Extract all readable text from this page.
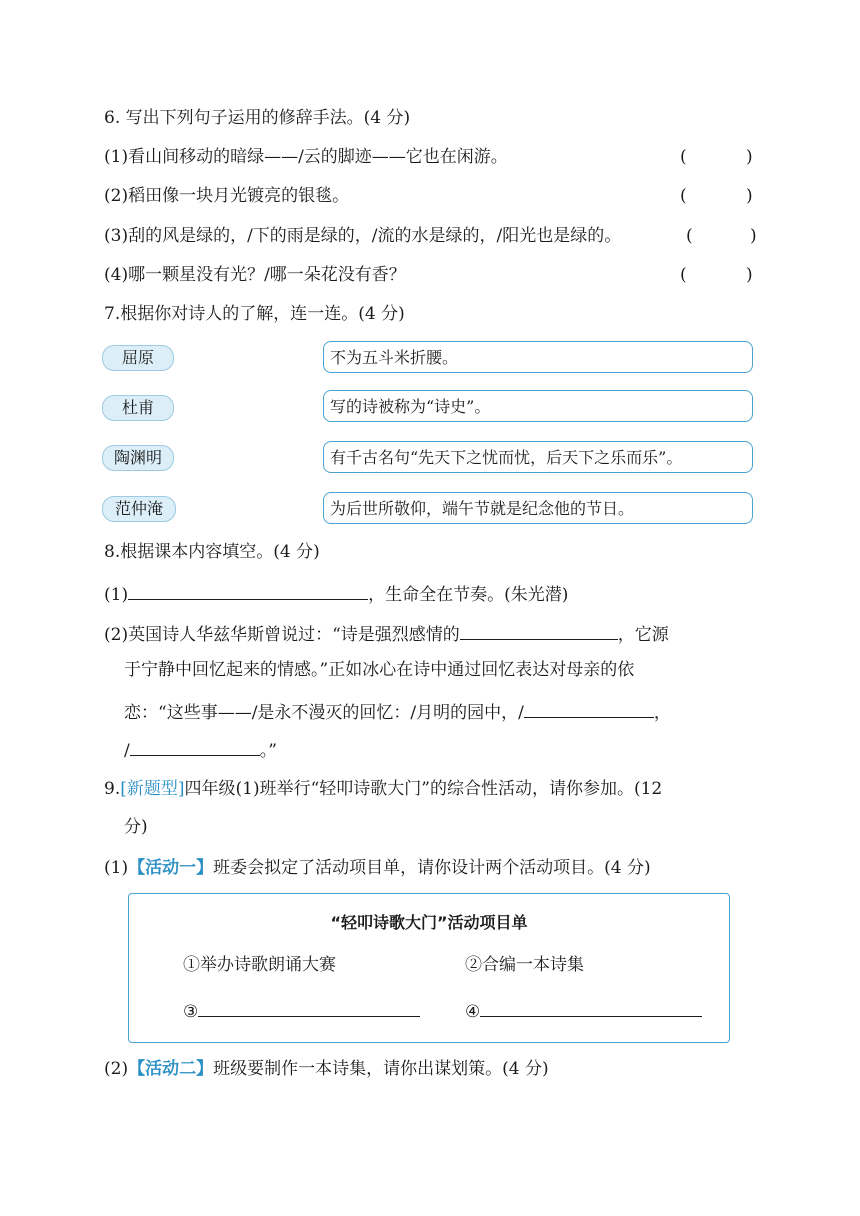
6. 写出下列句子运用的修辞手法。(4 分)
(1)看山间移动的暗绿——/云的脚迹——它也在闲游。	(	)
(2)稻田像一块月光镀亮的银毯。	(	)
(3)刮的风是绿的，/下的雨是绿的，/流的水是绿的，/阳光也是绿的。	(	)
(4)哪一颗星没有光？/哪一朵花没有香？	(	)
7.根据你对诗人的了解，连一连。(4 分)
屈原
杜甫
陶渊明
范仲淹
不为五斗米折腰。
写的诗被称为“诗史”。
有千古名句“先天下之忧而忧，后天下之乐而乐”。
为后世所敬仰，端午节就是纪念他的节日。
8.根据课本内容填空。(4 分)
(1)	，生命全在节奏。(朱光潜)
(2)英国诗人华兹华斯曾说过：“诗是强烈感情的	，它源
于宁静中回忆起来的情感。”正如冰心在诗中通过回忆表达对母亲的依
恋：“这些事——/是永不漫灭的回忆：/月明的园中，/	，
/	。”
9.[新题型]四年级(1)班举行“轻叩诗歌大门”的综合性活动，请你参加。(12
分)
(1)【活动一】班委会拟定了活动项目单，请你设计两个活动项目。(4 分)
“轻叩诗歌大门”活动项目单
①举办诗歌朗诵大赛	②合编一本诗集
③	④
(2)【活动二】班级要制作一本诗集，请你出谋划策。(4 分)
